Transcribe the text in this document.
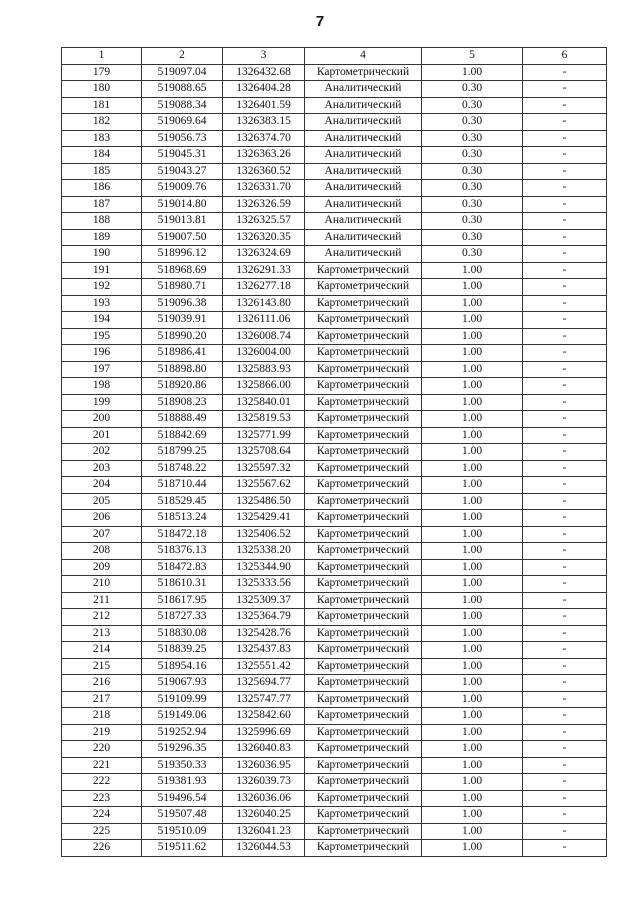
7
1	2	3	4	5	6
179	519097.04	1326432.68	Картометрический	1.00	-
180	519088.65	1326404.28	Аналитический	0.30	-
181	519088.34	1326401.59	Аналитический	0.30	-
182	519069.64	1326383.15	Аналитический	0.30	-
183	519056.73	1326374.70	Аналитический	0.30	-
184	519045.31	1326363.26	Аналитический	0.30	-
185	519043.27	1326360.52	Аналитический	0.30	-
186	519009.76	1326331.70	Аналитический	0.30	-
187	519014.80	1326326.59	Аналитический	0.30	-
188	519013.81	1326325.57	Аналитический	0.30	-
189	519007.50	1326320.35	Аналитический	0.30	-
190	518996.12	1326324.69	Аналитический	0.30	-
191	518968.69	1326291.33	Картометрический	1.00	-
192	518980.71	1326277.18	Картометрический	1.00	-
193	519096.38	1326143.80	Картометрический	1.00	-
194	519039.91	1326111.06	Картометрический	1.00	-
195	518990.20	1326008.74	Картометрический	1.00	-
196	518986.41	1326004.00	Картометрический	1.00	-
197	518898.80	1325883.93	Картометрический	1.00	-
198	518920.86	1325866.00	Картометрический	1.00	-
199	518908.23	1325840.01	Картометрический	1.00	-
200	518888.49	1325819.53	Картометрический	1.00	-
201	518842.69	1325771.99	Картометрический	1.00	-
202	518799.25	1325708.64	Картометрический	1.00	-
203	518748.22	1325597.32	Картометрический	1.00	-
204	518710.44	1325567.62	Картометрический	1.00	-
205	518529.45	1325486.50	Картометрический	1.00	-
206	518513.24	1325429.41	Картометрический	1.00	-
207	518472.18	1325406.52	Картометрический	1.00	-
208	518376.13	1325338.20	Картометрический	1.00	-
209	518472.83	1325344.90	Картометрический	1.00	-
210	518610.31	1325333.56	Картометрический	1.00	-
211	518617.95	1325309.37	Картометрический	1.00	-
212	518727.33	1325364.79	Картометрический	1.00	-
213	518830.08	1325428.76	Картометрический	1.00	-
214	518839.25	1325437.83	Картометрический	1.00	-
215	518954.16	1325551.42	Картометрический	1.00	-
216	519067.93	1325694.77	Картометрический	1.00	-
217	519109.99	1325747.77	Картометрический	1.00	-
218	519149.06	1325842.60	Картометрический	1.00	-
219	519252.94	1325996.69	Картометрический	1.00	-
220	519296.35	1326040.83	Картометрический	1.00	-
221	519350.33	1326036.95	Картометрический	1.00	-
222	519381.93	1326039.73	Картометрический	1.00	-
223	519496.54	1326036.06	Картометрический	1.00	-
224	519507.48	1326040.25	Картометрический	1.00	-
225	519510.09	1326041.23	Картометрический	1.00	-
226	519511.62	1326044.53	Картометрический	1.00	-
